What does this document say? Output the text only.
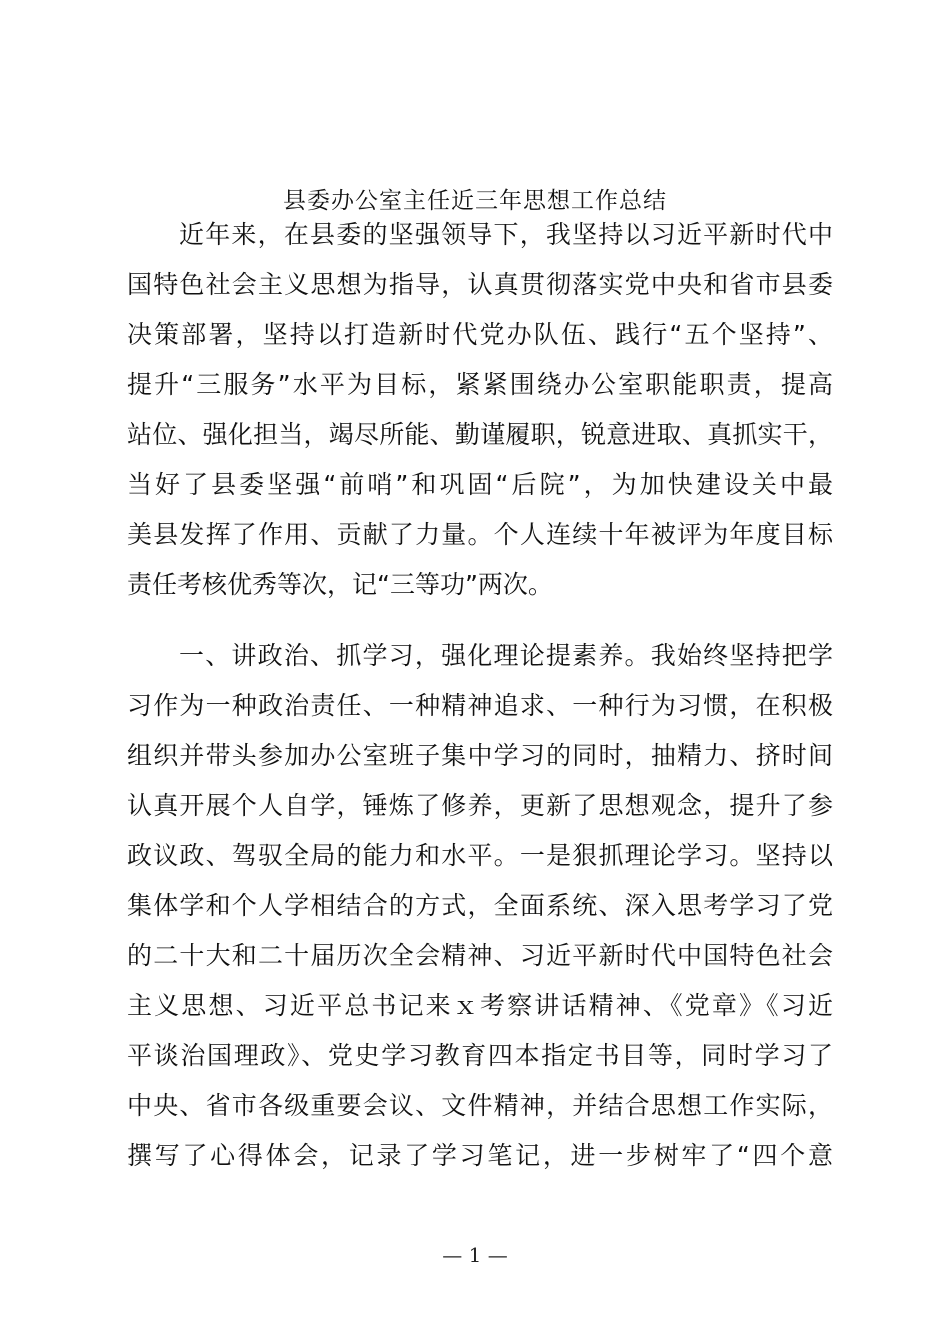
县委办公室主任近三年思想工作总结
近年来，在县委的坚强领导下，我坚持以习近平新时代中
国特色社会主义思想为指导，认真贯彻落实党中央和省市县委
决策部署，坚持以打造新时代党办队伍、践行“五个坚持”、
提升“三服务”水平为目标，紧紧围绕办公室职能职责，提高
站位、强化担当，竭尽所能、勤谨履职，锐意进取、真抓实干，
当好了县委坚强“前哨”和巩固“后院”，为加快建设关中最
美县发挥了作用、贡献了力量。个人连续十年被评为年度目标
责任考核优秀等次，记“三等功”两次。
一、讲政治、抓学习，强化理论提素养。我始终坚持把学
习作为一种政治责任、一种精神追求、一种行为习惯，在积极
组织并带头参加办公室班子集中学习的同时，抽精力、挤时间
认真开展个人自学，锤炼了修养，更新了思想观念，提升了参
政议政、驾驭全局的能力和水平。一是狠抓理论学习。坚持以
集体学和个人学相结合的方式，全面系统、深入思考学习了党
的二十大和二十届历次全会精神、习近平新时代中国特色社会
主义思想、习近平总书记来ｘ考察讲话精神、《党章》《习近
平谈治国理政》、党史学习教育四本指定书目等，同时学习了
中央、省市各级重要会议、文件精神，并结合思想工作实际，
撰写了心得体会，记录了学习笔记，进一步树牢了“四个意
— 1 —
